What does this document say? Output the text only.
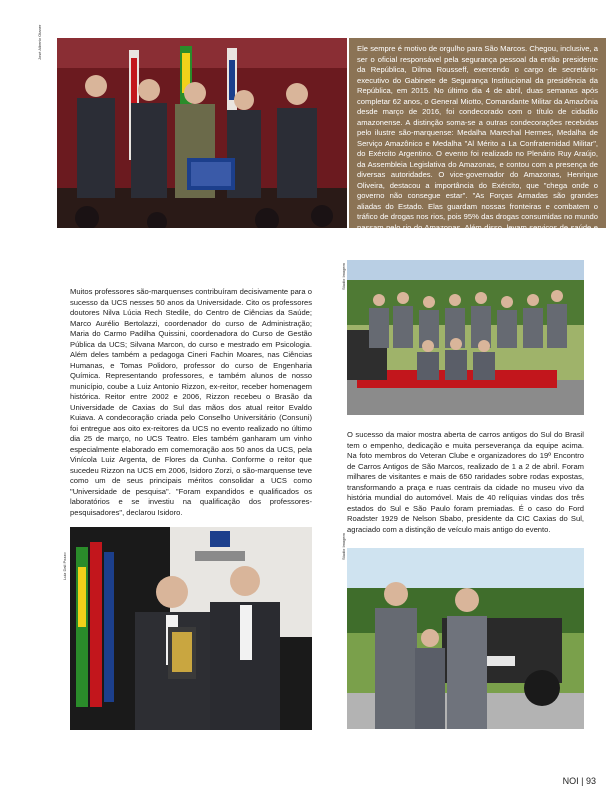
José Alberto Otaner	Ele sempre é motivo de orgulho para São Marcos. Chegou, inclusive, a ser o oficial responsável pela segurança pessoal da então presidente da República, Dilma Rousseff, exercendo o cargo de secretário-executivo do Gabinete de Segurança Institucional da presidência da República, em 2015. No último dia 4 de abril, duas semanas após completar 62 anos, o General Miotto, Comandante Militar da Amazônia desde março de 2016, foi condecorado com o título de cidadão amazonense. A distinção soma-se a outras condecorações recebidas pelo ilustre são-marquense: Medalha Marechal Hermes, Medalha de Serviço Amazônico e Medalha "Al Mérito a La Confraternidad Militar", do Exército Argentino. O evento foi realizado no Plenário Ruy Araújo, da Assembleia Legislativa do Amazonas, e contou com a presença de diversas autoridades. O vice-governador do Amazonas, Henrique Oliveira, destacou a importância do Exército, que "chega onde o governo não consegue estar". "As Forças Armadas são grandes aliadas do Estado. Elas guardam nossas fronteiras e combatem o tráfico de drogas nos rios, pois 95% das drogas consumidas no mundo passam pelo rio do Amazonas. Além disso, levam serviços de saúde e humanitário para as populações mais afastadas", declarou.
Muitos professores são-marquenses contribuíram decisivamente para o sucesso da UCS nesses 50 anos da Universidade. Cito os professores doutores Nilva Lúcia Rech Stedile, do Centro de Ciências da Saúde; Marco Aurélio Bertolazzi, coordenador do curso de Administração; Maria do Carmo Padilha Quissini, coordenadora do Curso de Gestão Pública da UCS; Silvana Marcon, do curso e mestrado em Psicologia. Além deles também a pedagoga Cineri Fachin Moares, nas Ciências Humanas, e Tomas Polidoro, professor do curso de Engenharia Química. Representando professores, e também alunos de nosso município, coube a Luiz Antonio Rizzon, ex-reitor, receber homenagem histórica. Reitor entre 2002 e 2006, Rizzon recebeu o Brasão da Universidade de Caxias do Sul das mãos dos atual reitor Evaldo Kuiava. A condecoração criada pelo Conselho Universitário (Consuni) foi entregue aos oito ex-reitores da UCS no evento realizado no último dia 25 de março, no UCS Teatro. Eles também ganharam um vinho especialmente elaborado em comemoração aos 50 anos da UCS, pela Vinícola Luiz Argenta, de Flores da Cunha. Conforme o reitor que sucedeu Rizzon na UCS em 2006, Isidoro Zorzi, o são-marquense teve como um de seus principais méritos consolidar a UCS como "Universidade de pesquisa". "Foram expandidos e qualificados os laboratórios e se investiu na qualificação dos professores-pesquisadores", declarou Isidoro.
Luiz Dall Pozzo
Studio Imagem
O sucesso da maior mostra aberta de carros antigos do Sul do Brasil tem o empenho, dedicação e muita perseverança da equipe acima. Na foto membros do Veteran Clube e organizadores do 19º Encontro de Carros Antigos de São Marcos, realizado de 1 a 2 de abril. Foram milhares de visitantes e mais de 650 raridades sobre rodas expostas, transformando a praça e ruas centrais da cidade no museu vivo da história mundial do automóvel. Mais de 40 relíquias vindas dos três estados do Sul e São Paulo foram premiadas. É o caso do Ford Roadster 1929 de Nelson Sbabo, presidente da CIC Caxias do Sul, agraciado com a distinção de veículo mais antigo do evento.
Studio Imagem
NOI | 93
